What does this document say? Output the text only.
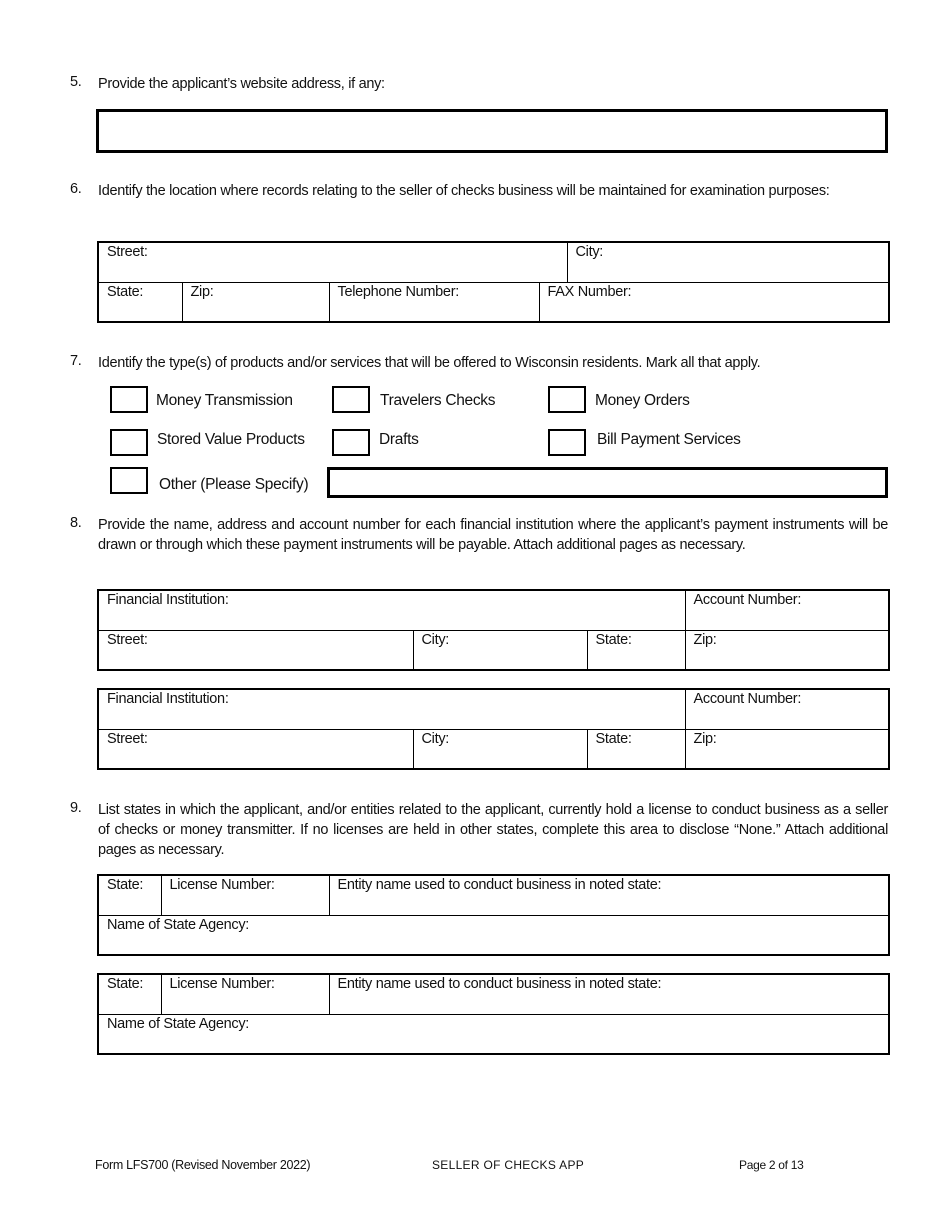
5. Provide the applicant’s website address, if any:
6. Identify the location where records relating to the seller of checks business will be maintained for examination purposes:
Street:				City:
State:	Zip:	Telephone Number:	FAX Number:	
7. Identify the type(s) of products and/or services that will be offered to Wisconsin residents. Mark all that apply.
Money Transmission	Travelers Checks	Money Orders
Stored Value Products	Drafts	Bill Payment Services
Other (Please Specify)
8. Provide the name, address and account number for each financial institution where the applicant’s payment instruments will be drawn or through which these payment instruments will be payable. Attach additional pages as necessary.
Financial Institution:			Account Number:
Street:	City:	State:	Zip:
Financial Institution:			Account Number:
Street:	City:	State:	Zip:
9. List states in which the applicant, and/or entities related to the applicant, currently hold a license to conduct business as a seller of checks or money transmitter. If no licenses are held in other states, complete this area to disclose “None.” Attach additional pages as necessary.
State:	License Number:	Entity name used to conduct business in noted state:
Name of State Agency:
State:	License Number:	Entity name used to conduct business in noted state:
Name of State Agency:
Form LFS700 (Revised November 2022)	SELLER OF CHECKS APP	Page 2 of 13
